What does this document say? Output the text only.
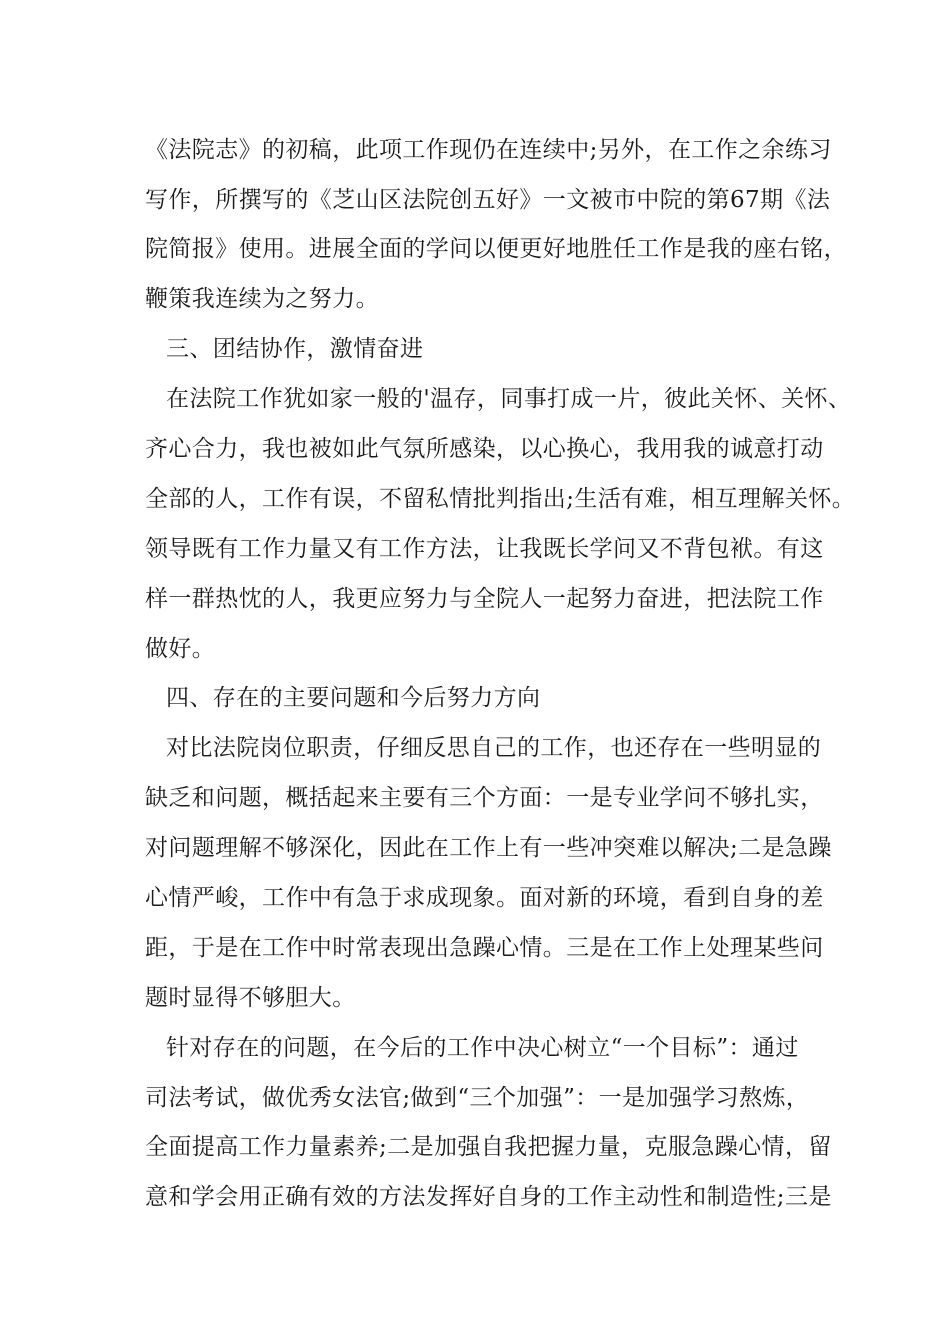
《法院志》的初稿，此项工作现仍在连续中;另外，在工作之余练习
写作，所撰写的《芝山区法院创五好》一文被市中院的第67期《法
院简报》使用。进展全面的学问以便更好地胜任工作是我的座右铭，
鞭策我连续为之努力。
三、团结协作，激情奋进
在法院工作犹如家一般的'温存，同事打成一片，彼此关怀、关怀、
齐心合力，我也被如此气氛所感染，以心换心，我用我的诚意打动
全部的人，工作有误，不留私情批判指出;生活有难，相互理解关怀。
领导既有工作力量又有工作方法，让我既长学问又不背包袱。有这
样一群热忱的人，我更应努力与全院人一起努力奋进，把法院工作
做好。
四、存在的主要问题和今后努力方向
对比法院岗位职责，仔细反思自己的工作，也还存在一些明显的
缺乏和问题，概括起来主要有三个方面：一是专业学问不够扎实，
对问题理解不够深化，因此在工作上有一些冲突难以解决;二是急躁
心情严峻，工作中有急于求成现象。面对新的环境，看到自身的差
距，于是在工作中时常表现出急躁心情。三是在工作上处理某些问
题时显得不够胆大。
针对存在的问题，在今后的工作中决心树立“一个目标”：通过
司法考试，做优秀女法官;做到“三个加强”：一是加强学习熬炼，
全面提高工作力量素养;二是加强自我把握力量，克服急躁心情，留
意和学会用正确有效的方法发挥好自身的工作主动性和制造性;三是
